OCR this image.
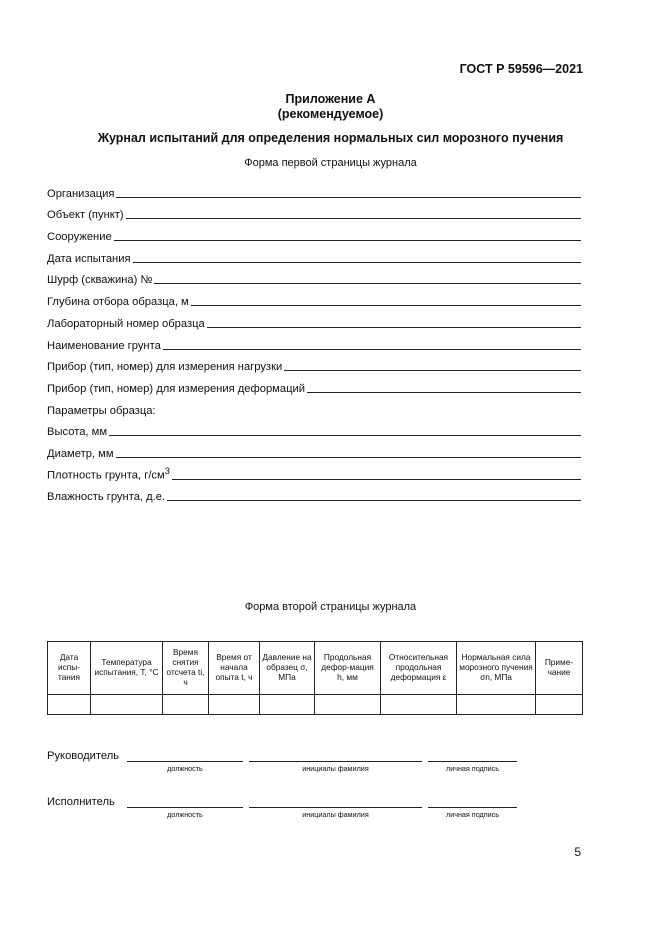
ГОСТ Р 59596—2021
Приложение А
(рекомендуемое)
Журнал испытаний для определения нормальных сил морозного пучения
Форма первой страницы журнала
Организация
Объект (пункт)
Сооружение
Дата испытания
Шурф (скважина) №
Глубина отбора образца, м
Лабораторный номер образца
Наименование грунта
Прибор (тип, номер) для измерения нагрузки
Прибор (тип, номер) для измерения деформаций
Параметры образца:
Высота, мм
Диаметр, мм
Плотность грунта, $г/см^3$
Влажность грунта, д.е.
Форма второй страницы журнала
Дата испы-тания	Температура испытания, T, °C	Время снятия отсчета ti, ч	Время от начала опыта t, ч	Давление на образец σ, МПа	Продольная дефор-мация h, мм	Относительная продольная деформация ε	Нормальная сила морозного пучения σn, МПа	Приме-чание

Руководитель
должность	инициалы фамилия	личная подпись
Исполнитель
должность	инициалы фамилия	личная подпись
5
